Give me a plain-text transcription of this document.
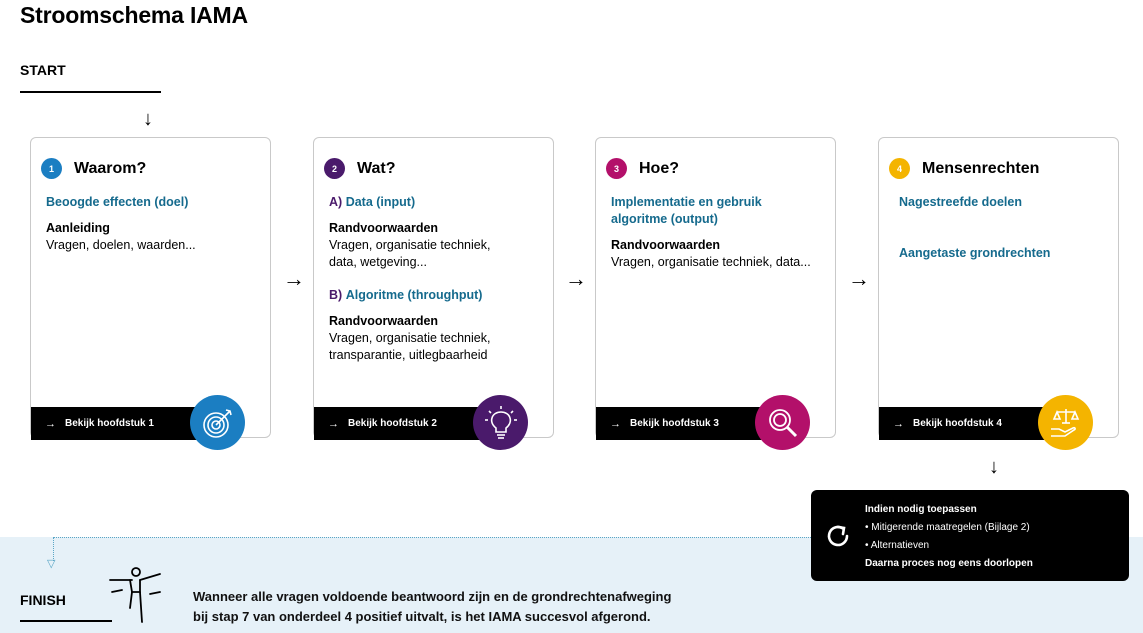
Stroomschema IAMA
START
↓
1	Waarom?
Beoogde effecten (doel)
Aanleiding
Vragen, doelen, waarden...
→ Bekijk hoofdstuk 1
→
2	Wat?
A) Data (input)
Randvoorwaarden
Vragen, organisatie techniek,
data, wetgeving...
B) Algoritme (throughput)
Randvoorwaarden
Vragen, organisatie techniek,
transparantie, uitlegbaarheid
→ Bekijk hoofdstuk 2
→
3	Hoe?
Implementatie en gebruik
algoritme (output)
Randvoorwaarden
Vragen, organisatie techniek, data...
→ Bekijk hoofdstuk 3
→
4	Mensenrechten
Nagestreefde doelen
Aangetaste grondrechten
→ Bekijk hoofdstuk 4
↓
▽
FINISH	Wanneer alle vragen voldoende beantwoord zijn en de grondrechtenafweging
bij stap 7 van onderdeel 4 positief uitvalt, is het IAMA succesvol afgerond.
Indien nodig toepassen
• Mitigerende maatregelen (Bijlage 2)
• Alternatieven
Daarna proces nog eens doorlopen
